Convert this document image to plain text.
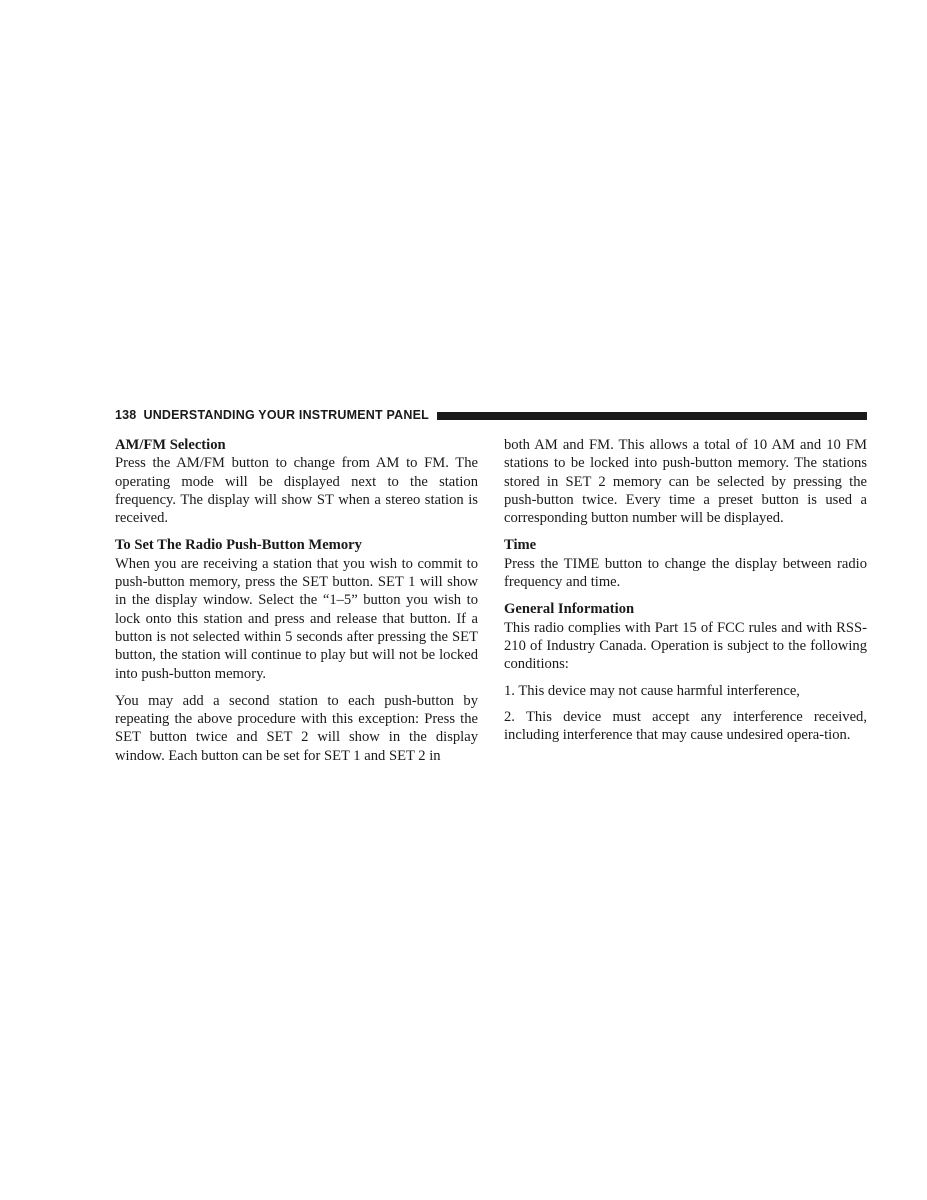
138 UNDERSTANDING YOUR INSTRUMENT PANEL
AM/FM Selection

Press the AM/FM button to change from AM to FM. The operating mode will be displayed next to the station frequency. The display will show ST when a stereo station is received.

To Set The Radio Push-Button Memory

When you are receiving a station that you wish to commit to push-button memory, press the SET button. SET 1 will show in the display window. Select the “1–5” button you wish to lock onto this station and press and release that button. If a button is not selected within 5 seconds after pressing the SET button, the station will continue to play but will not be locked into push-button memory.

You may add a second station to each push-button by repeating the above procedure with this exception: Press the SET button twice and SET 2 will show in the display window. Each button can be set for SET 1 and SET 2 in

both AM and FM. This allows a total of 10 AM and 10 FM stations to be locked into push-button memory. The stations stored in SET 2 memory can be selected by pressing the push-button twice. Every time a preset button is used a corresponding button number will be displayed.

Time

Press the TIME button to change the display between radio frequency and time.

General Information

This radio complies with Part 15 of FCC rules and with RSS-210 of Industry Canada. Operation is subject to the following conditions:

1. This device may not cause harmful interference,

2. This device must accept any interference received, including interference that may cause undesired opera-tion.
